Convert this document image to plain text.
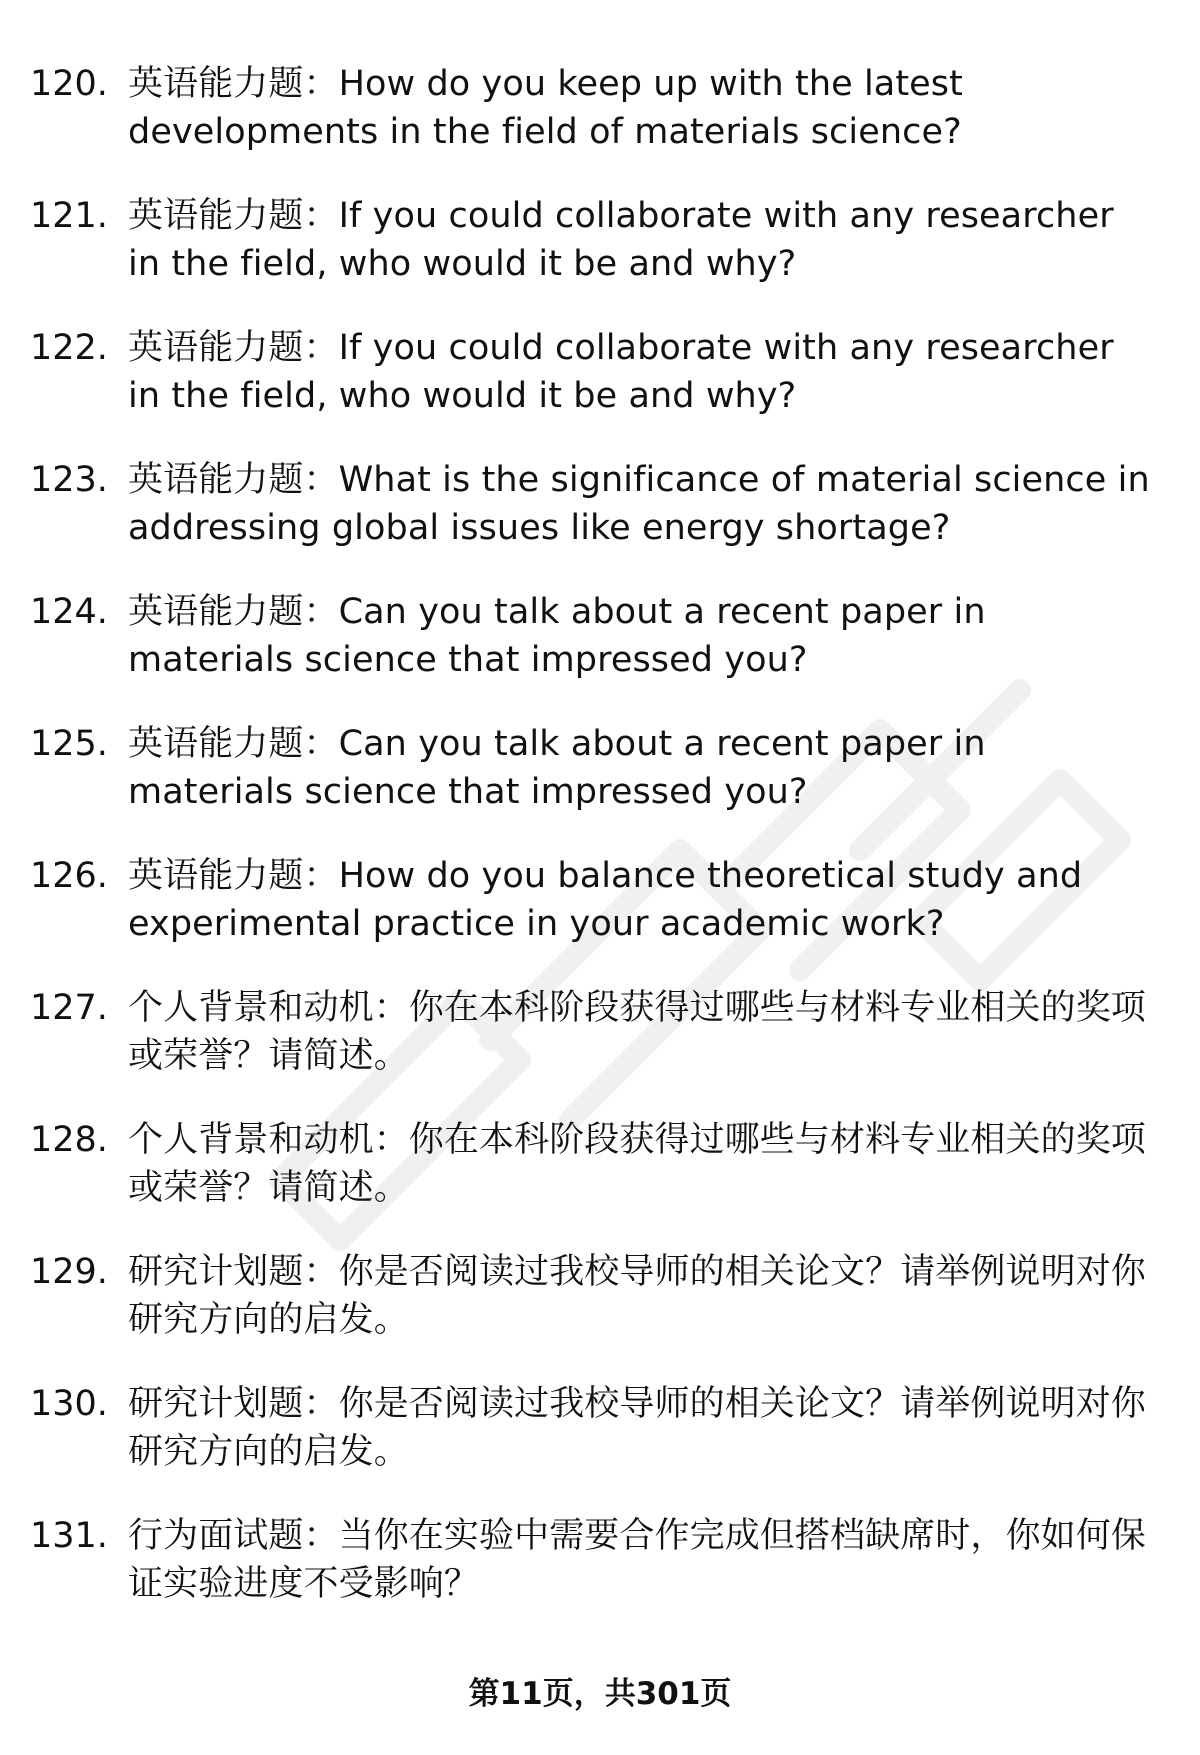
120. 英语能力题：How do you keep up with the latest developments in the field of materials science?
121. 英语能力题：If you could collaborate with any researcher in the field, who would it be and why?
122. 英语能力题：If you could collaborate with any researcher in the field, who would it be and why?
123. 英语能力题：What is the significance of material science in addressing global issues like energy shortage?
124. 英语能力题：Can you talk about a recent paper in materials science that impressed you?
125. 英语能力题：Can you talk about a recent paper in materials science that impressed you?
126. 英语能力题：How do you balance theoretical study and experimental practice in your academic work?
127. 个人背景和动机：你在本科阶段获得过哪些与材料专业相关的奖项或荣誉？请简述。
128. 个人背景和动机：你在本科阶段获得过哪些与材料专业相关的奖项或荣誉？请简述。
129. 研究计划题：你是否阅读过我校导师的相关论文？请举例说明对你研究方向的启发。
130. 研究计划题：你是否阅读过我校导师的相关论文？请举例说明对你研究方向的启发。
131. 行为面试题：当你在实验中需要合作完成但搭档缺席时，你如何保证实验进度不受影响？
第11页，共301页
